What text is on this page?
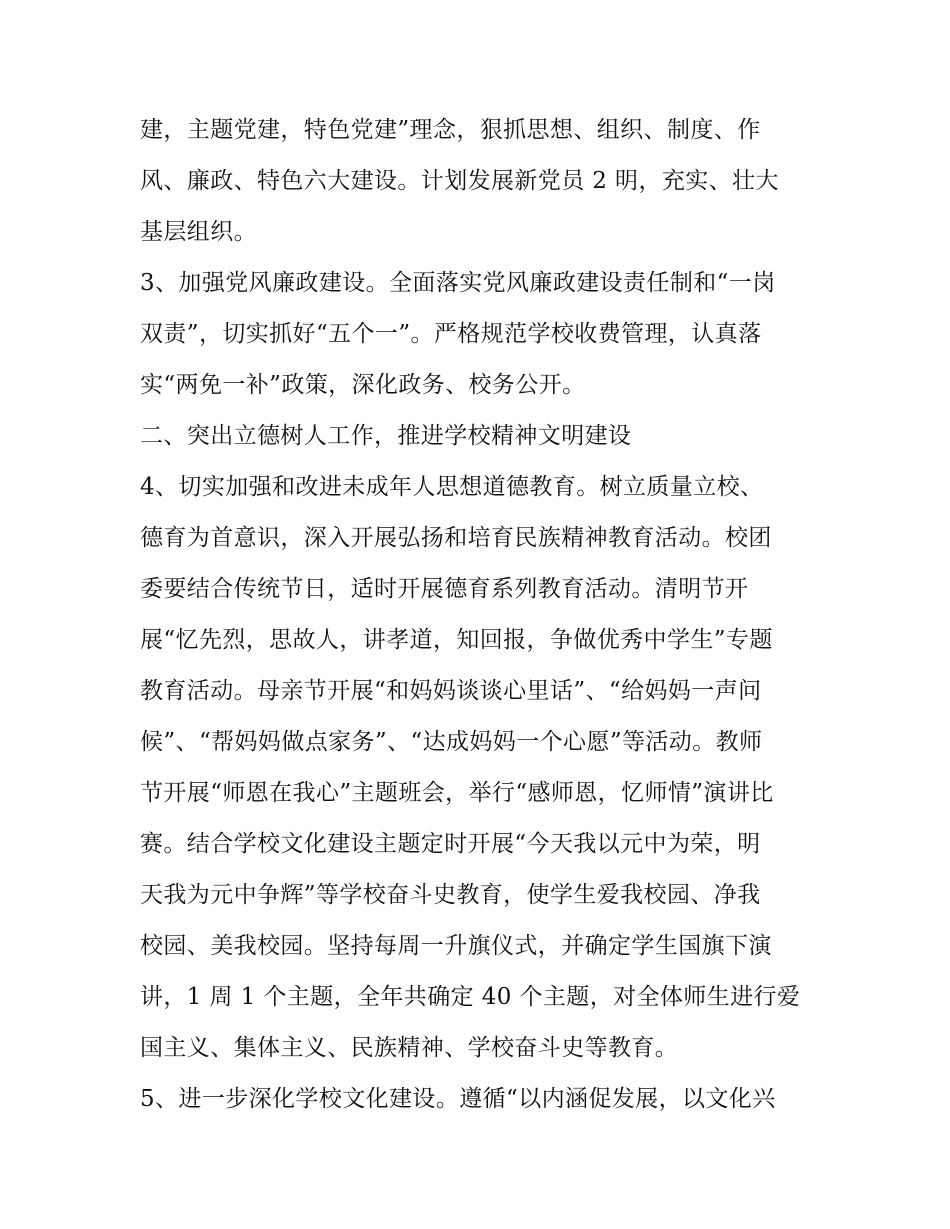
建，主题党建，特色党建”理念，狠抓思想、组织、制度、作
风、廉政、特色六大建设。计划发展新党员 2 明，充实、壮大
基层组织。
3、加强党风廉政建设。全面落实党风廉政建设责任制和“一岗
双责”，切实抓好“五个一”。严格规范学校收费管理，认真落
实“两免一补”政策，深化政务、校务公开。
二、突出立德树人工作，推进学校精神文明建设
4、切实加强和改进未成年人思想道德教育。树立质量立校、
德育为首意识，深入开展弘扬和培育民族精神教育活动。校团
委要结合传统节日，适时开展德育系列教育活动。清明节开
展“忆先烈，思故人，讲孝道，知回报，争做优秀中学生”专题
教育活动。母亲节开展“和妈妈谈谈心里话”、“给妈妈一声问
候”、“帮妈妈做点家务”、“达成妈妈一个心愿”等活动。教师
节开展“师恩在我心”主题班会，举行“感师恩，忆师情”演讲比
赛。结合学校文化建设主题定时开展“今天我以元中为荣，明
天我为元中争辉”等学校奋斗史教育，使学生爱我校园、净我
校园、美我校园。坚持每周一升旗仪式，并确定学生国旗下演
讲，1 周 1 个主题，全年共确定 40 个主题，对全体师生进行爱
国主义、集体主义、民族精神、学校奋斗史等教育。
5、进一步深化学校文化建设。遵循“以内涵促发展，以文化兴
